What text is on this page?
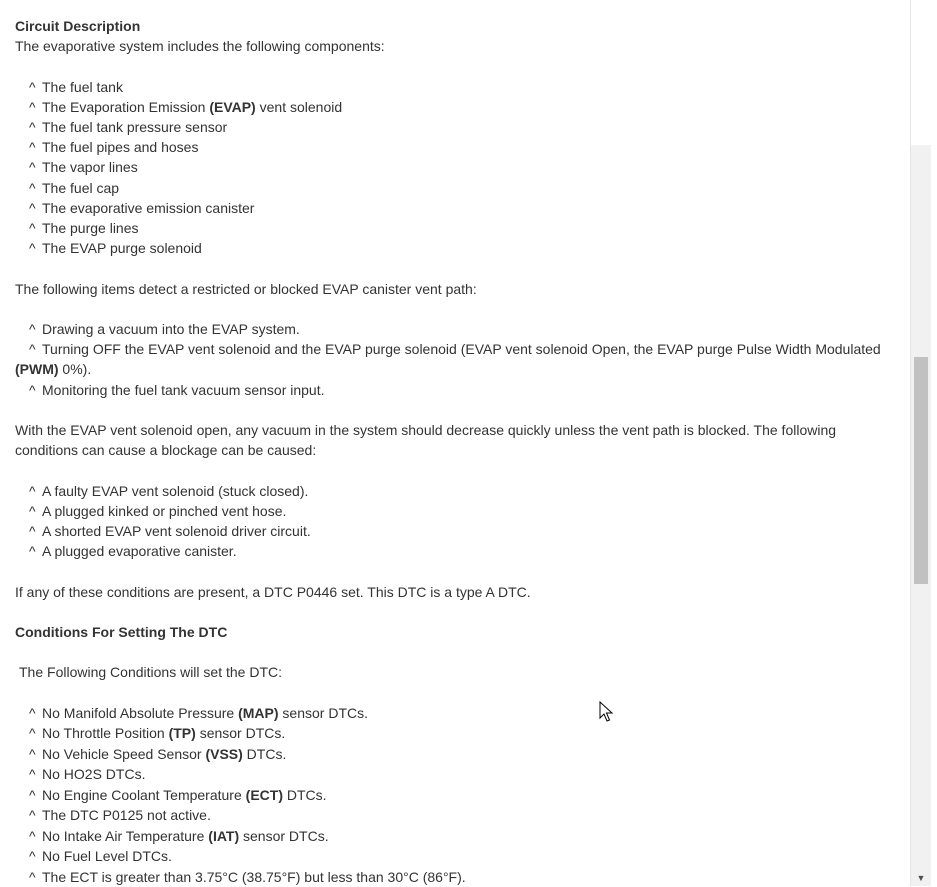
Circuit Description
The evaporative system includes the following components:
^ The fuel tank
^ The Evaporation Emission (EVAP) vent solenoid
^ The fuel tank pressure sensor
^ The fuel pipes and hoses
^ The vapor lines
^ The fuel cap
^ The evaporative emission canister
^ The purge lines
^ The EVAP purge solenoid
The following items detect a restricted or blocked EVAP canister vent path:
^ Drawing a vacuum into the EVAP system.
^ Turning OFF the EVAP vent solenoid and the EVAP purge solenoid (EVAP vent solenoid Open, the EVAP purge Pulse Width Modulated
(PWM) 0%).
^ Monitoring the fuel tank vacuum sensor input.
With the EVAP vent solenoid open, any vacuum in the system should decrease quickly unless the vent path is blocked. The following
conditions can cause a blockage can be caused:
^ A faulty EVAP vent solenoid (stuck closed).
^ A plugged kinked or pinched vent hose.
^ A shorted EVAP vent solenoid driver circuit.
^ A plugged evaporative canister.
If any of these conditions are present, a DTC P0446 set. This DTC is a type A DTC.
Conditions For Setting The DTC
The Following Conditions will set the DTC:
^ No Manifold Absolute Pressure (MAP) sensor DTCs.
^ No Throttle Position (TP) sensor DTCs.
^ No Vehicle Speed Sensor (VSS) DTCs.
^ No HO2S DTCs.
^ No Engine Coolant Temperature (ECT) DTCs.
^ The DTC P0125 not active.
^ No Intake Air Temperature (IAT) sensor DTCs.
^ No Fuel Level DTCs.
^ The ECT is greater than 3.75°C (38.75°F) but less than 30°C (86°F).	▼
